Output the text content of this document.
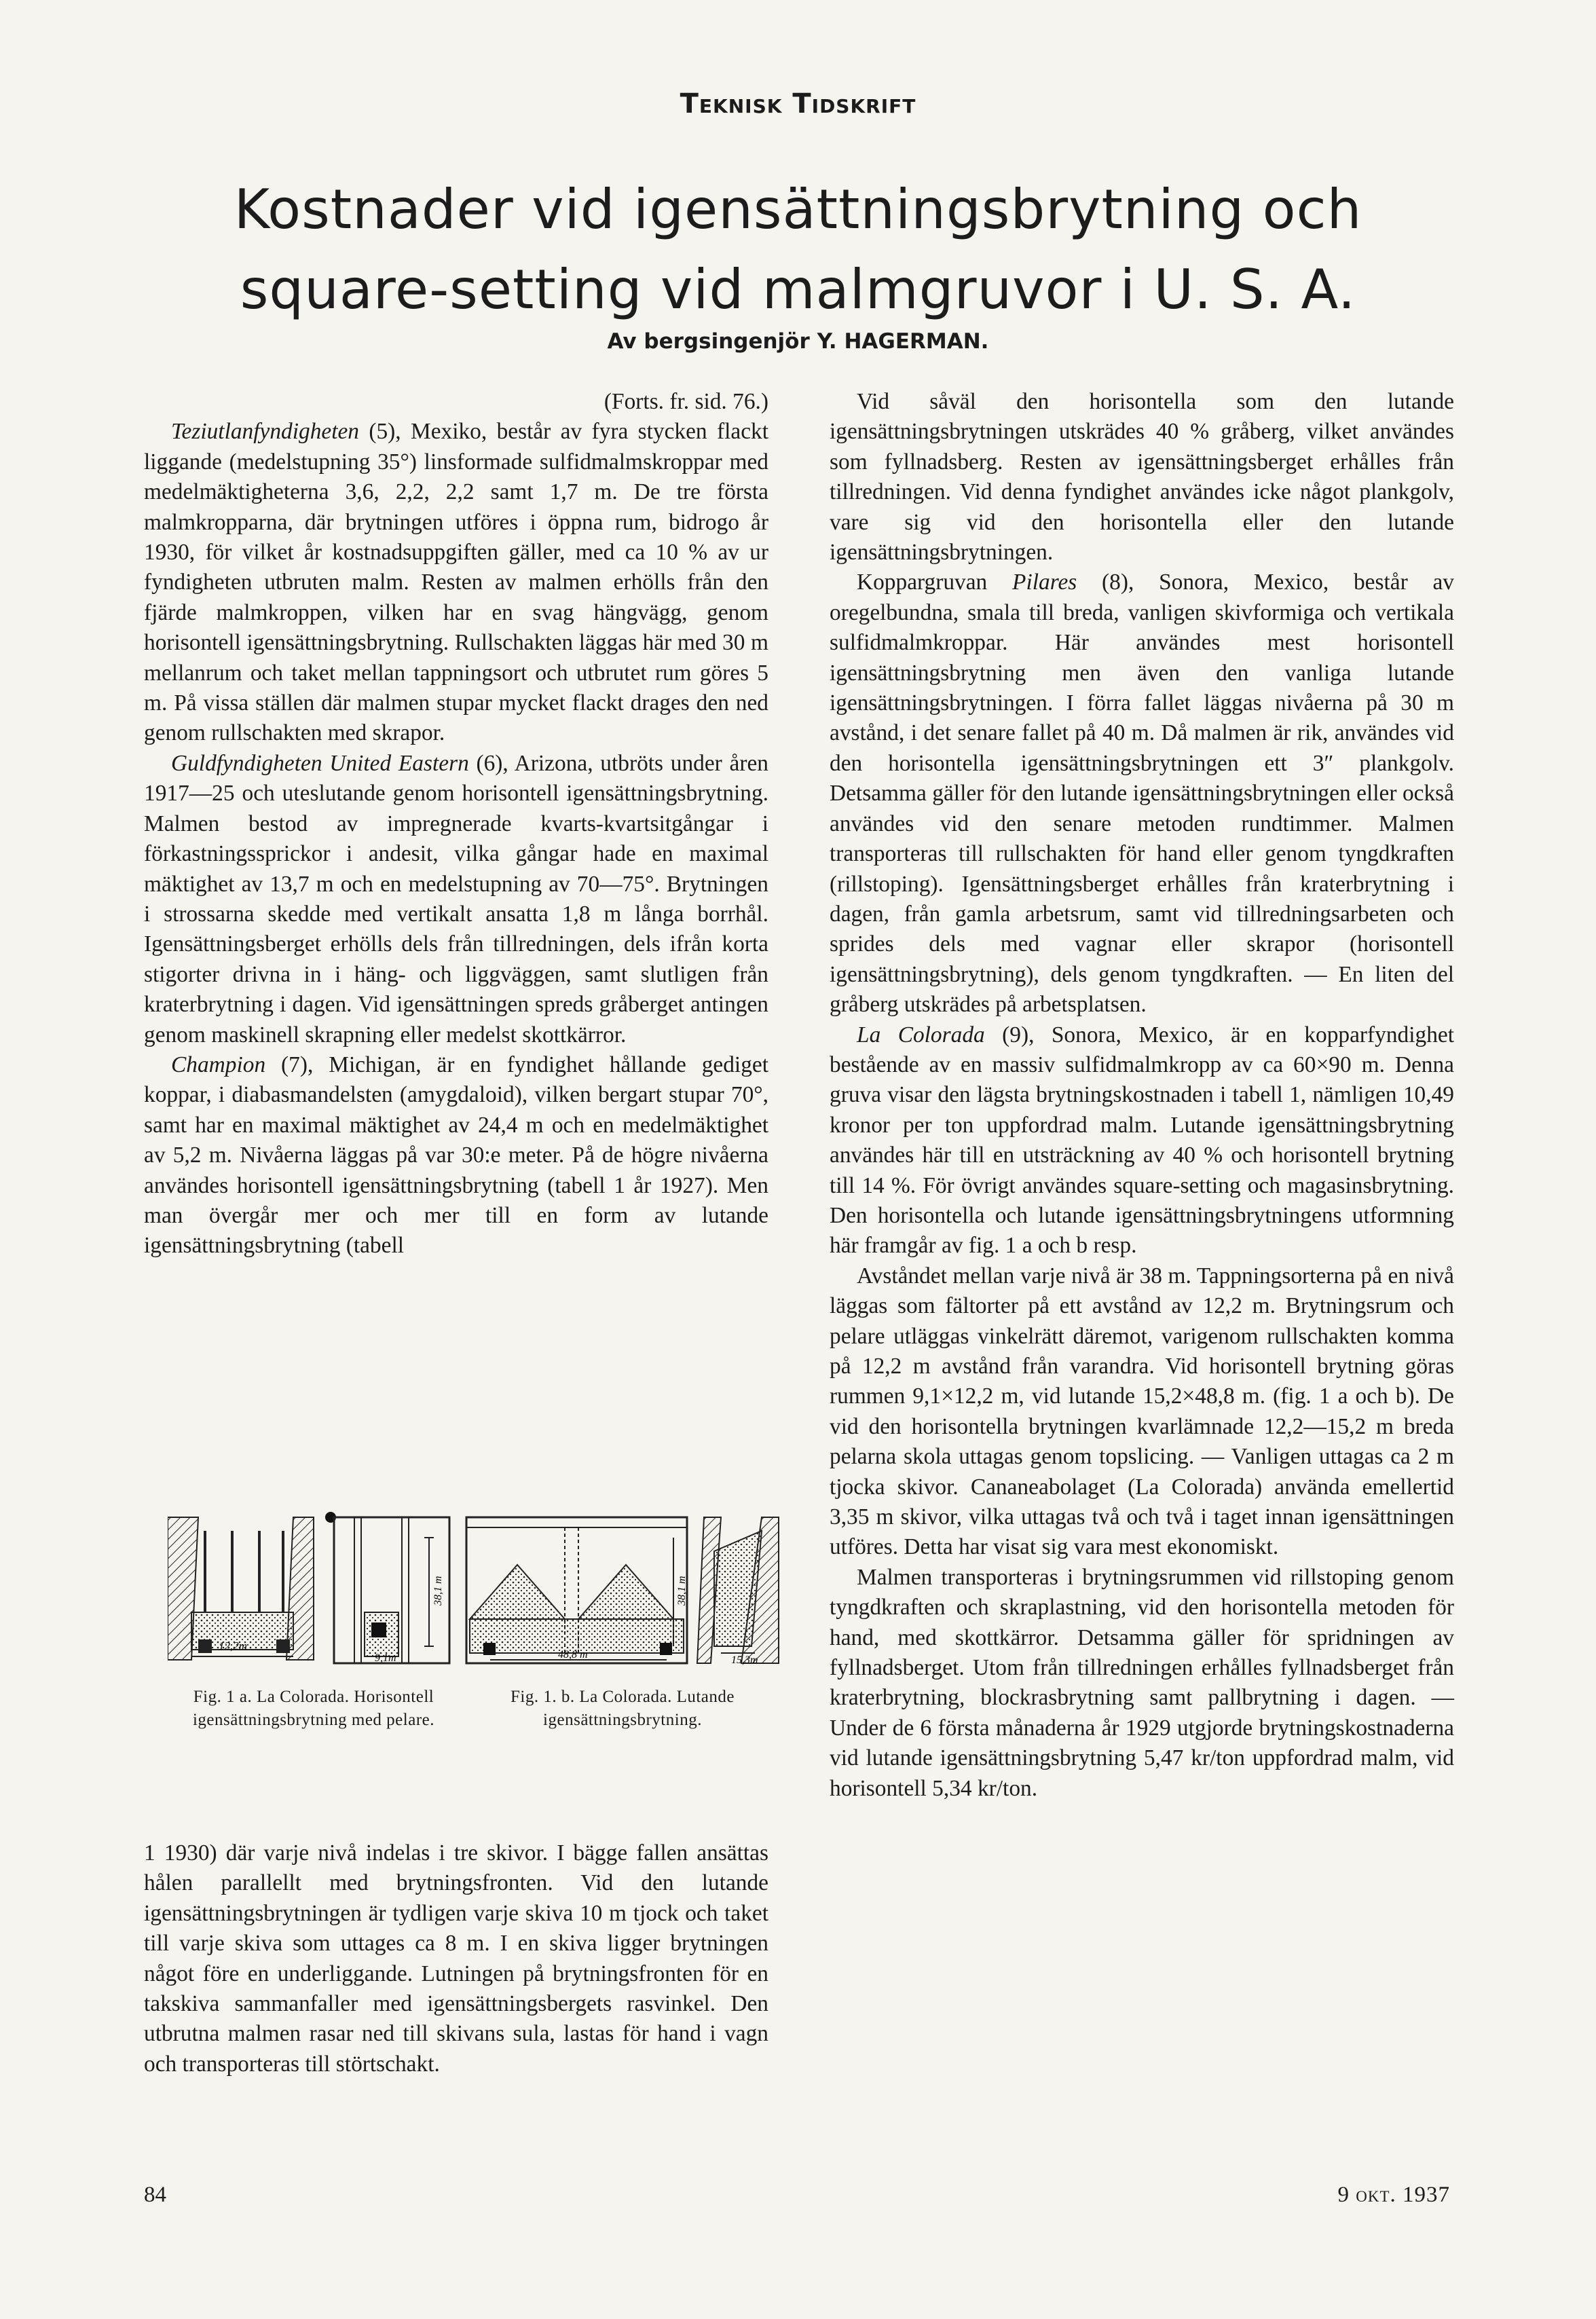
Teknisk Tidskrift
Kostnader vid igensättningsbrytning och square-setting vid malmgruvor i U. S. A.
Av bergsingenjör Y. HAGERMAN.

(Forts. fr. sid. 76.)

Teziutlanfyndigheten (5), Mexiko, består av fyra stycken flackt liggande (medelstupning 35°) linsformade sulfidmalmskroppar med medelmäktigheterna 3,6, 2,2, 2,2 samt 1,7 m. De tre första malmkropparna, där brytningen utföres i öppna rum, bidrogo år 1930, för vilket år kostnadsuppgiften gäller, med ca 10 % av ur fyndigheten utbruten malm. Resten av malmen erhölls från den fjärde malmkroppen, vilken har en svag hängvägg, genom horisontell igensättningsbrytning. Rullschakten läggas här med 30 m mellanrum och taket mellan tappningsort och utbrutet rum göres 5 m. På vissa ställen där malmen stupar mycket flackt drages den ned genom rullschakten med skrapor.

Guldfyndigheten United Eastern (6), Arizona, utbröts under åren 1917—25 och uteslutande genom horisontell igensättningsbrytning. Malmen bestod av impregnerade kvarts-kvartsitgångar i förkastningssprickor i andesit, vilka gångar hade en maximal mäktighet av 13,7 m och en medelstupning av 70—75°. Brytningen i strossarna skedde med vertikalt ansatta 1,8 m långa borrhål. Igensättningsberget erhölls dels från tillredningen, dels ifrån korta stigorter drivna in i häng- och liggväggen, samt slutligen från kraterbrytning i dagen. Vid igensättningen spreds gråberget antingen genom maskinell skrapning eller medelst skottkärror.

Champion (7), Michigan, är en fyndighet hållande gediget koppar, i diabasmandelsten (amygdaloid), vilken bergart stupar 70°, samt har en maximal mäktighet av 24,4 m och en medelmäktighet av 5,2 m. Nivåerna läggas på var 30:e meter. På de högre nivåerna användes horisontell igensättningsbrytning (tabell 1 år 1927). Men man övergår mer och mer till en form av lutande igensättningsbrytning (tabell

12,2m
38,1 m
9,1m
Fig. 1 a. La Colorada. Horisontell igensättningsbrytning med pelare.
38,1 m
48,8 m	15,3m
Fig. 1. b. La Colorada. Lutande igensättningsbrytning.

1 1930) där varje nivå indelas i tre skivor. I bägge fallen ansättas hålen parallellt med brytningsfronten. Vid den lutande igensättningsbrytningen är tydligen varje skiva 10 m tjock och taket till varje skiva som uttages ca 8 m. I en skiva ligger brytningen något före en underliggande. Lutningen på brytningsfronten för en takskiva sammanfaller med igensättningsbergets rasvinkel. Den utbrutna malmen rasar ned till skivans sula, lastas för hand i vagn och transporteras till störtschakt.

Vid såväl den horisontella som den lutande igensättningsbrytningen utskrädes 40 % gråberg, vilket användes som fyllnadsberg. Resten av igensättningsberget erhålles från tillredningen. Vid denna fyndighet användes icke något plankgolv, vare sig vid den horisontella eller den lutande igensättningsbrytningen.

Koppargruvan Pilares (8), Sonora, Mexico, består av oregelbundna, smala till breda, vanligen skivformiga och vertikala sulfidmalmkroppar. Här användes mest horisontell igensättningsbrytning men även den vanliga lutande igensättningsbrytningen. I förra fallet läggas nivåerna på 30 m avstånd, i det senare fallet på 40 m. Då malmen är rik, användes vid den horisontella igensättningsbrytningen ett 3″ plankgolv. Detsamma gäller för den lutande igensättningsbrytningen eller också användes vid den senare metoden rundtimmer. Malmen transporteras till rullschakten för hand eller genom tyngdkraften (rillstoping). Igensättningsberget erhålles från kraterbrytning i dagen, från gamla arbetsrum, samt vid tillredningsarbeten och sprides dels med vagnar eller skrapor (horisontell igensättningsbrytning), dels genom tyngdkraften. — En liten del gråberg utskrädes på arbetsplatsen.

La Colorada (9), Sonora, Mexico, är en kopparfyndighet bestående av en massiv sulfidmalmkropp av ca 60×90 m. Denna gruva visar den lägsta brytningskostnaden i tabell 1, nämligen 10,49 kronor per ton uppfordrad malm. Lutande igensättningsbrytning användes här till en utsträckning av 40 % och horisontell brytning till 14 %. För övrigt användes square-setting och magasinsbrytning. Den horisontella och lutande igensättningsbrytningens utformning här framgår av fig. 1 a och b resp.

Avståndet mellan varje nivå är 38 m. Tappningsorterna på en nivå läggas som fältorter på ett avstånd av 12,2 m. Brytningsrum och pelare utläggas vinkelrätt däremot, varigenom rullschakten komma på 12,2 m avstånd från varandra. Vid horisontell brytning göras rummen 9,1×12,2 m, vid lutande 15,2×48,8 m. (fig. 1 a och b). De vid den horisontella brytningen kvarlämnade 12,2—15,2 m breda pelarna skola uttagas genom topslicing. — Vanligen uttagas ca 2 m tjocka skivor. Cananeabolaget (La Colorada) använda emellertid 3,35 m skivor, vilka uttagas två och två i taget innan igensättningen utföres. Detta har visat sig vara mest ekonomiskt.

Malmen transporteras i brytningsrummen vid rillstoping genom tyngdkraften och skraplastning, vid den horisontella metoden för hand, med skottkärror. Detsamma gäller för spridningen av fyllnadsberget. Utom från tillredningen erhålles fyllnadsberget från kraterbrytning, blockrasbrytning samt pallbrytning i dagen. — Under de 6 första månaderna år 1929 utgjorde brytningskostnaderna vid lutande igensättningsbrytning 5,47 kr/ton uppfordrad malm, vid horisontell 5,34 kr/ton.

84	9 okt. 1937
